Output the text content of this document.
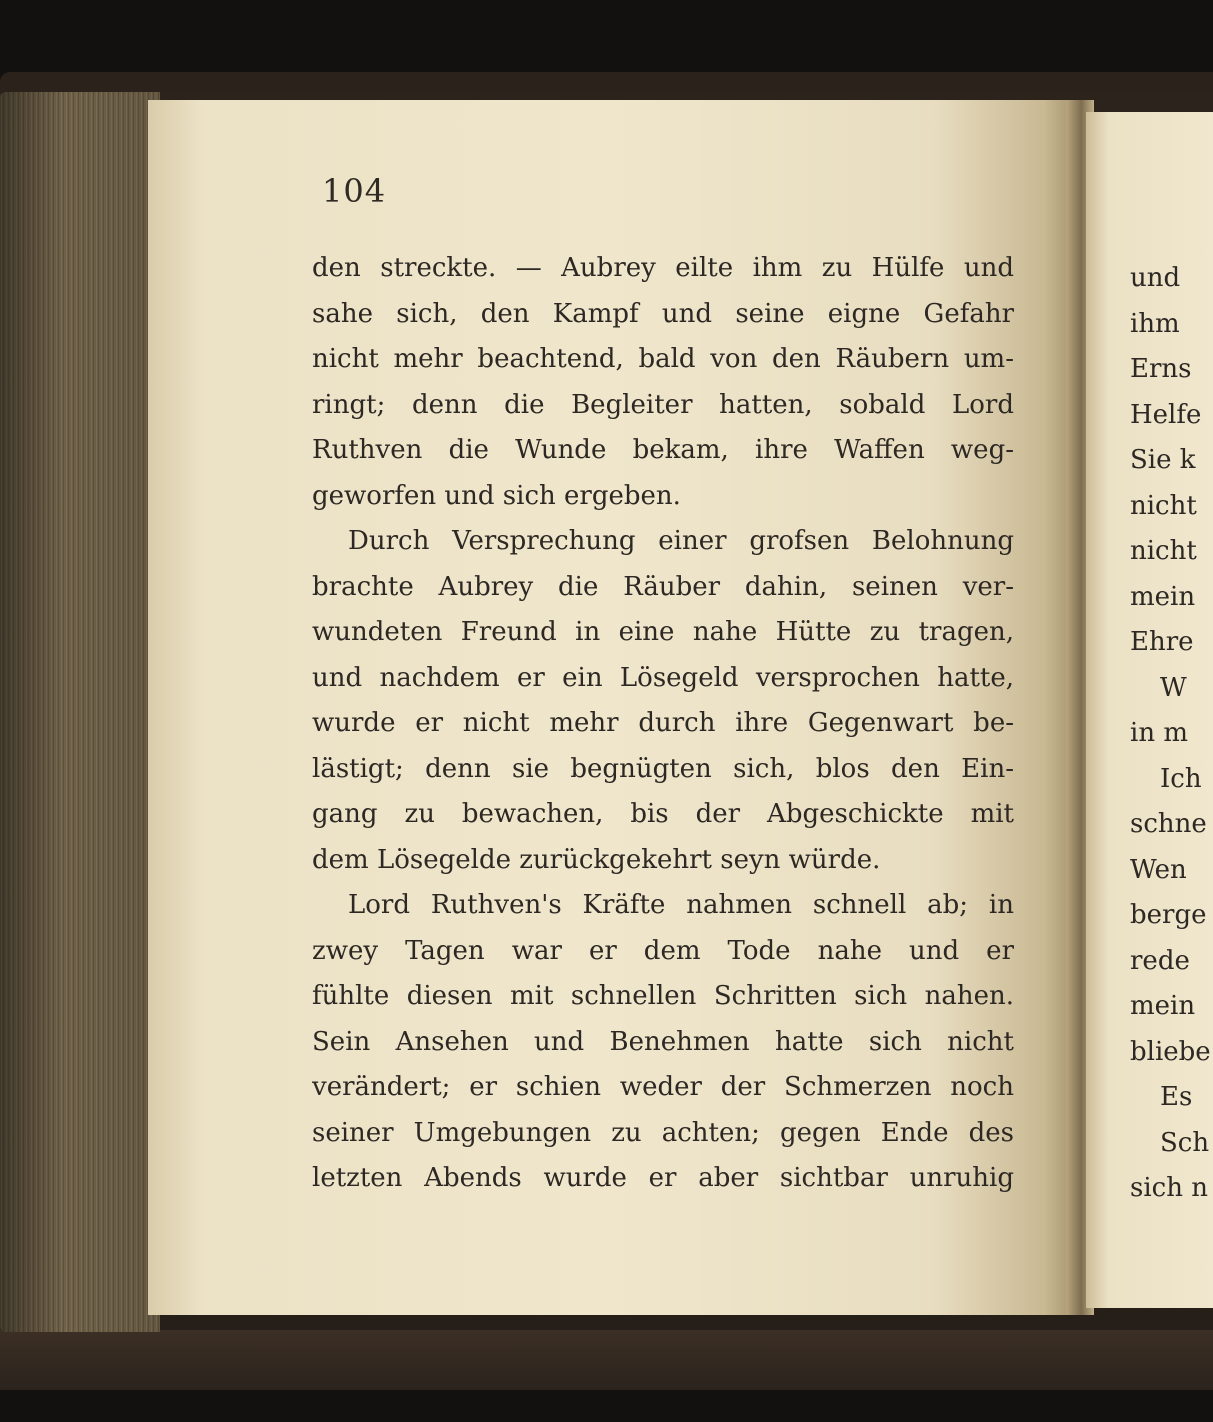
104
den streckte. — Aubrey eilte ihm zu Hülfe und
sahe sich, den Kampf und seine eigne Gefahr
nicht mehr beachtend, bald von den Räubern um-
ringt; denn die Begleiter hatten, sobald Lord
Ruthven die Wunde bekam, ihre Waffen weg-
geworfen und sich ergeben.
Durch Versprechung einer grofsen Belohnung
brachte Aubrey die Räuber dahin, seinen ver-
wundeten Freund in eine nahe Hütte zu tragen,
und nachdem er ein Lösegeld versprochen hatte,
wurde er nicht mehr durch ihre Gegenwart be-
lästigt; denn sie begnügten sich, blos den Ein-
gang zu bewachen, bis der Abgeschickte mit
dem Lösegelde zurückgekehrt seyn würde.
Lord Ruthven's Kräfte nahmen schnell ab; in
zwey Tagen war er dem Tode nahe und er
fühlte diesen mit schnellen Schritten sich nahen.
Sein Ansehen und Benehmen hatte sich nicht
verändert; er schien weder der Schmerzen noch
seiner Umgebungen zu achten; gegen Ende des
letzten Abends wurde er aber sichtbar unruhig
und
ihm
Erns
Helfe
Sie k
nicht
nicht
mein
Ehre
W
in m
Ich
schne
Wen
berge
rede
mein
bliebe
Es
Sch
sich n
